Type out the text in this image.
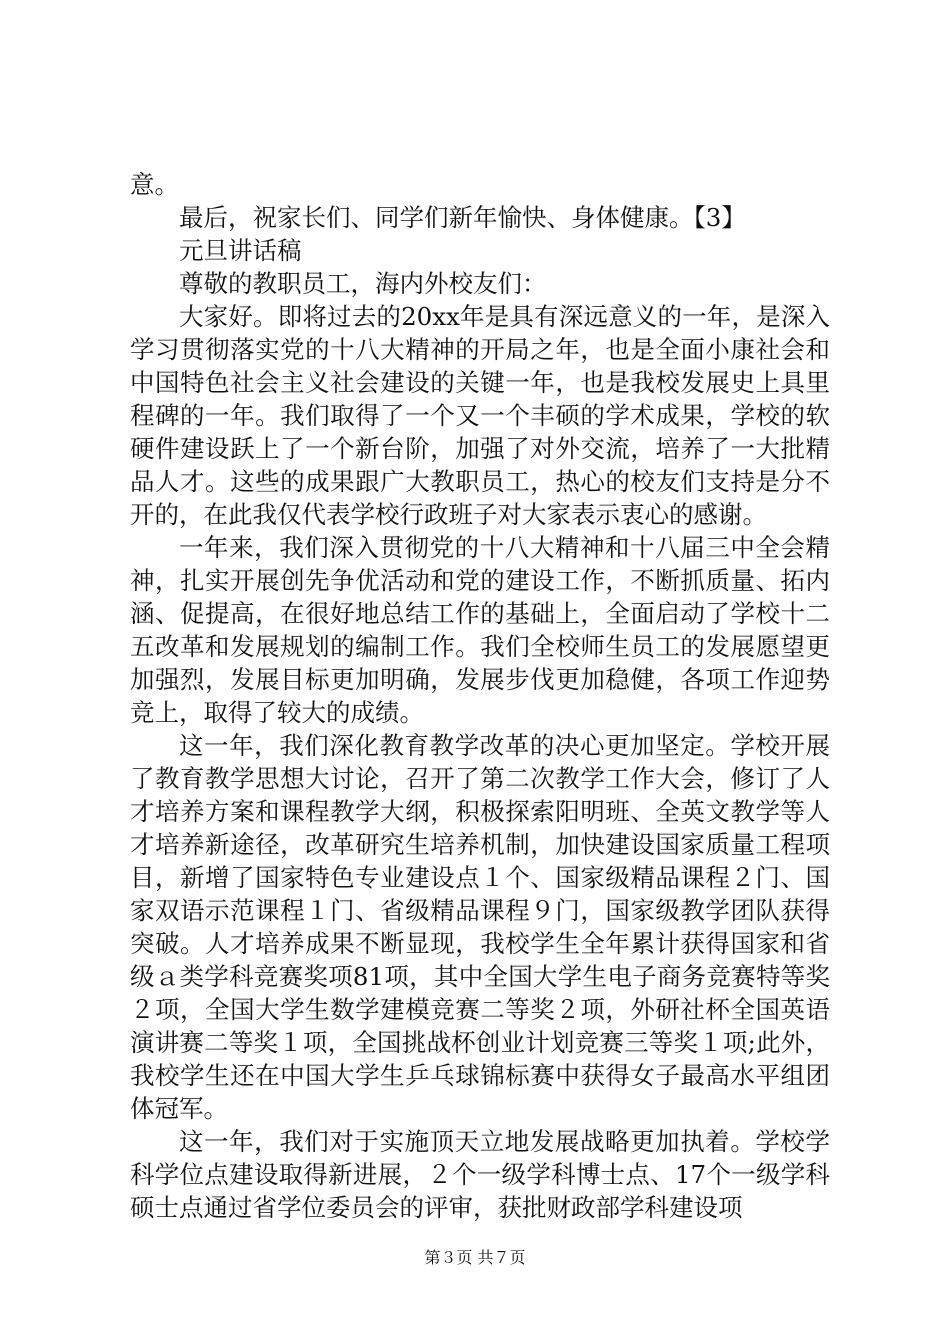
意。

最后，祝家长们、同学们新年愉快、身体健康。【3】

元旦讲话稿

尊敬的教职员工，海内外校友们：

大家好。即将过去的20xx年是具有深远意义的一年，是深入学习贯彻落实党的十八大精神的开局之年，也是全面小康社会和中国特色社会主义社会建设的关键一年，也是我校发展史上具里程碑的一年。我们取得了一个又一个丰硕的学术成果，学校的软硬件建设跃上了一个新台阶，加强了对外交流，培养了一大批精品人才。这些的成果跟广大教职员工，热心的校友们支持是分不开的，在此我仅代表学校行政班子对大家表示衷心的感谢。

一年来，我们深入贯彻党的十八大精神和十八届三中全会精神，扎实开展创先争优活动和党的建设工作，不断抓质量、拓内涵、促提高，在很好地总结工作的基础上，全面启动了学校十二五改革和发展规划的编制工作。我们全校师生员工的发展愿望更加强烈，发展目标更加明确，发展步伐更加稳健，各项工作迎势竞上，取得了较大的成绩。

这一年，我们深化教育教学改革的决心更加坚定。学校开展了教育教学思想大讨论，召开了第二次教学工作大会，修订了人才培养方案和课程教学大纲，积极探索阳明班、全英文教学等人才培养新途径，改革研究生培养机制，加快建设国家质量工程项目，新增了国家特色专业建设点１个、国家级精品课程２门、国家双语示范课程１门、省级精品课程９门，国家级教学团队获得突破。人才培养成果不断显现，我校学生全年累计获得国家和省级ａ类学科竞赛奖项81项，其中全国大学生电子商务竞赛特等奖２项，全国大学生数学建模竞赛二等奖２项，外研社杯全国英语演讲赛二等奖１项，全国挑战杯创业计划竞赛三等奖１项;此外，我校学生还在中国大学生乒乓球锦标赛中获得女子最高水平组团体冠军。

这一年，我们对于实施顶天立地发展战略更加执着。学校学科学位点建设取得新进展，２个一级学科博士点、17个一级学科硕士点通过省学位委员会的评审，获批财政部学科建设项

第３页 共７页
